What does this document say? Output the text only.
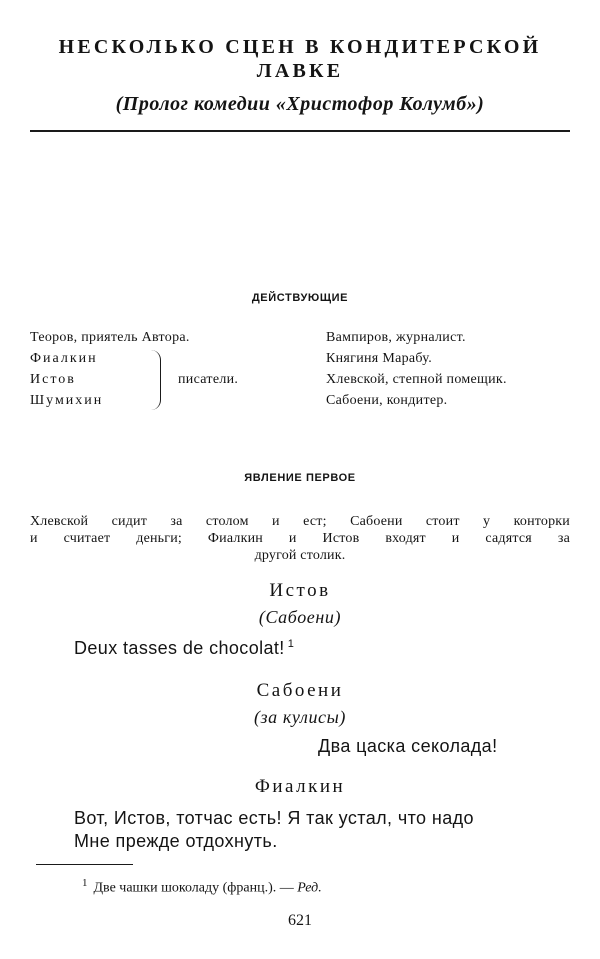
НЕСКОЛЬКО СЦЕН В КОНДИТЕРСКОЙ
ЛАВКЕ
(Пролог комедии «Христофор Колумб»)
ДЕЙСТВУЮЩИЕ
Теоров, приятель Автора.
Фиалкин
Истов
Шумихин
писатели.
Вампиров, журналист.
Княгиня Марабу.
Хлевской, степной помещик.
Сабоени, кондитер.
ЯВЛЕНИЕ ПЕРВОЕ
Хлевской сидит за столом и ест; Сабоени стоит у конторки
и считает деньги; Фиалкин и Истов входят и садятся за
другой столик.
Истов
(Сабоени)
Deux tasses de chocolat! $^1$
Сабоени
(за кулисы)
Два цаска секолада!
Фиалкин
Вот, Истов, тотчас есть! Я так устал, что надо
Мне прежде отдохнуть.
$^1$ Две чашки шоколаду (франц.). — Ред.
621
